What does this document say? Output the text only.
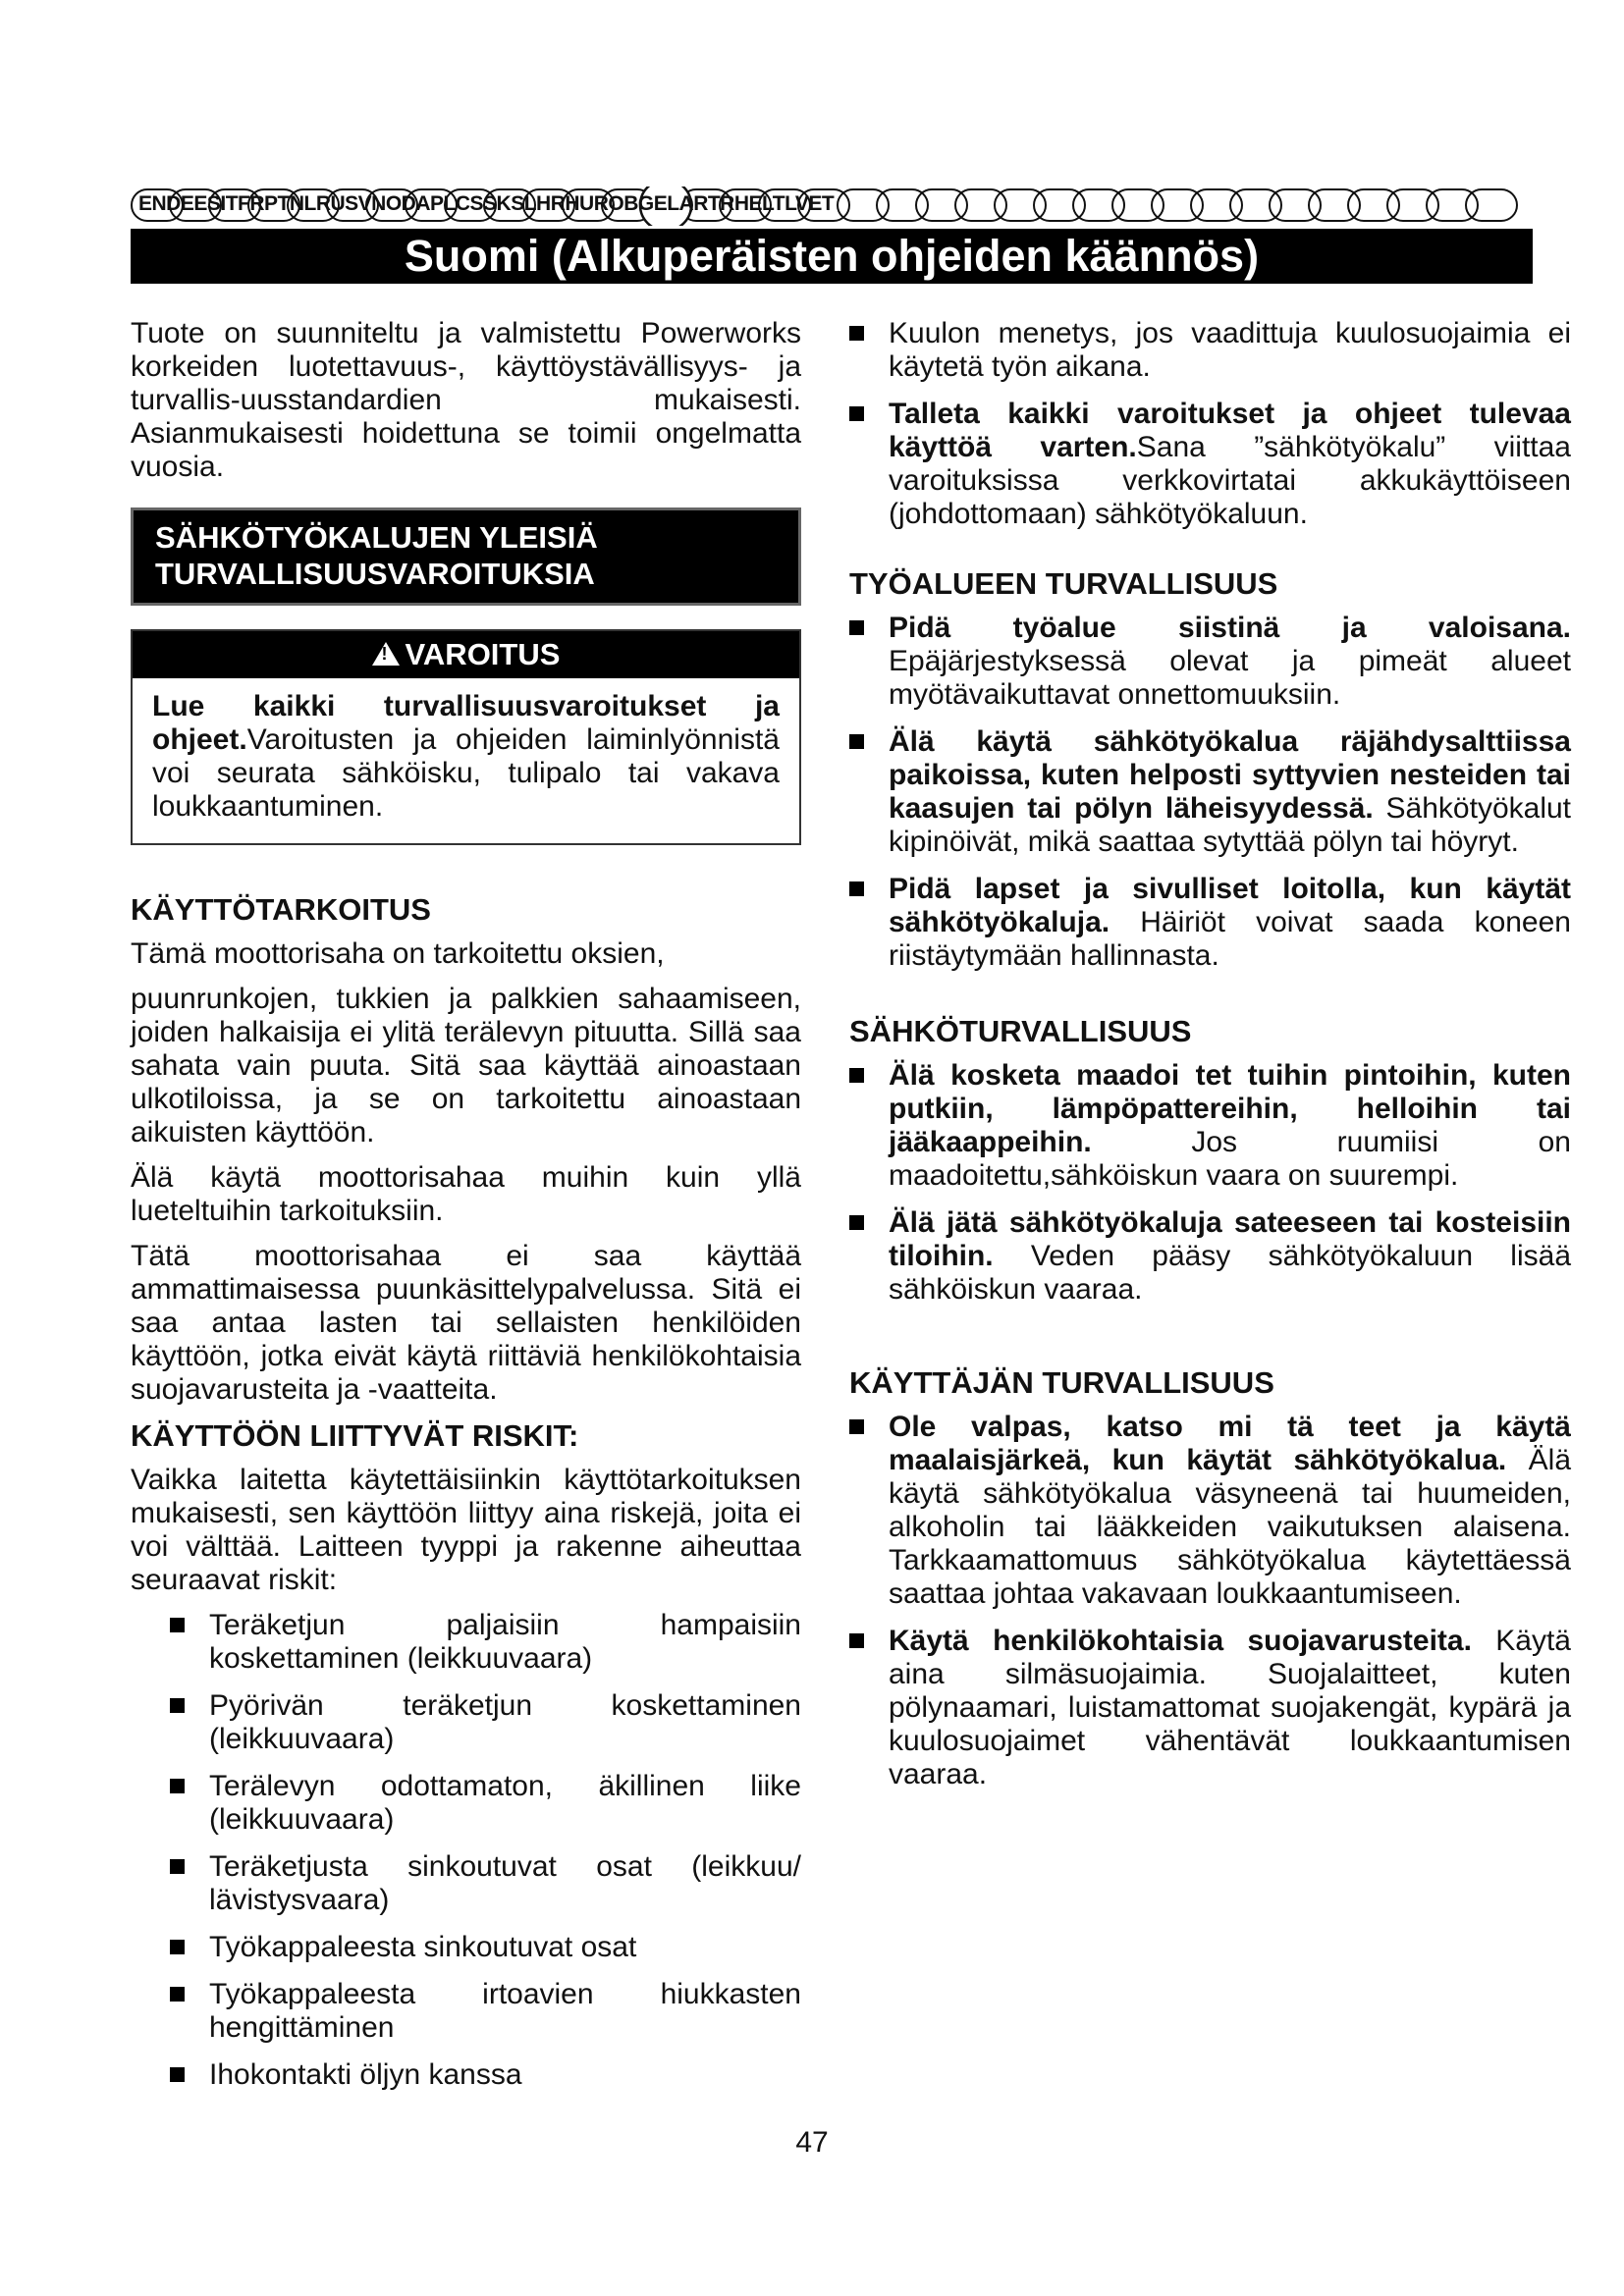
ENDEESITFRPTNLRUSVNODAPLCSSKSLHRHUROBGELARTRHELTLVET
Suomi (Alkuperäisten ohjeiden käännös)

Tuote on suunniteltu ja valmistettu Powerworks korkeiden luotettavuus-, käyttöystävällisyys- ja turvallis-uusstandardien mukaisesti. Asianmukaisesti hoidettuna se toimii ongelmatta vuosia.

SÄHKÖTYÖKALUJEN YLEISIÄ TURVALLISUUSVAROITUKSIA
!VAROITUS

Lue kaikki turvallisuusvaroitukset ja ohjeet.Varoitusten ja ohjeiden laiminlyönnistä voi seurata sähköisku, tulipalo tai vakava loukkaantuminen.

KÄYTTÖTARKOITUS

Tämä moottorisaha on tarkoitettu oksien,

puunrunkojen, tukkien ja palkkien sahaamiseen, joiden halkaisija ei ylitä terälevyn pituutta. Sillä saa sahata vain puuta. Sitä saa käyttää ainoastaan ulkotiloissa, ja se on tarkoitettu ainoastaan aikuisten käyttöön.

Älä käytä moottorisahaa muihin kuin yllä lueteltuihin tarkoituksiin.

Tätä moottorisahaa ei saa käyttää ammattimaisessa puunkäsittelypalvelussa. Sitä ei saa antaa lasten tai sellaisten henkilöiden käyttöön, jotka eivät käytä riittäviä henkilökohtaisia suojavarusteita ja -vaatteita.

KÄYTTÖÖN LIITTYVÄT RISKIT:

Vaikka laitetta käytettäisiinkin käyttötarkoituksen mukaisesti, sen käyttöön liittyy aina riskejä, joita ei voi välttää. Laitteen tyyppi ja rakenne aiheuttaa seuraavat riskit:

Teräketjun paljaisiin hampaisiin koskettaminen (leikkuuvaara)
Pyörivän teräketjun koskettaminen (leikkuuvaara)
Terälevyn odottamaton, äkillinen liike (leikkuuvaara)
Teräketjusta sinkoutuvat osat (leikkuu/ lävistysvaara)
Työkappaleesta sinkoutuvat osat
Työkappaleesta irtoavien hiukkasten hengittäminen
Ihokontakti öljyn kanssa
Kuulon menetys, jos vaadittuja kuulosuojaimia ei käytetä työn aikana.
Talleta kaikki varoitukset ja ohjeet tulevaa käyttöä varten.Sana ”sähkötyökalu” viittaa varoituksissa verkkovirtatai akkukäyttöiseen (johdottomaan) sähkötyökaluun.
TYÖALUEEN TURVALLISUUS
Pidä työalue siistinä ja valoisana. Epäjärjestyksessä olevat ja pimeät alueet myötävaikuttavat onnettomuuksiin.
Älä käytä sähkötyökalua räjähdysalttiissa paikoissa, kuten helposti syttyvien nesteiden tai kaasujen tai pölyn läheisyydessä. Sähkötyökalut kipinöivät, mikä saattaa sytyttää pölyn tai höyryt.
Pidä lapset ja sivulliset loitolla, kun käytät sähkötyökaluja. Häiriöt voivat saada koneen riistäytymään hallinnasta.
SÄHKÖTURVALLISUUS
Älä kosketa maadoi tet tuihin pintoihin, kuten putkiin, lämpöpattereihin, helloihin tai jääkaappeihin.	Jos ruumiisi on maadoitettu,sähköiskun vaara on suurempi.
Älä jätä sähkötyökaluja sateeseen tai kosteisiin tiloihin. Veden pääsy sähkötyökaluun lisää sähköiskun vaaraa.
KÄYTTÄJÄN TURVALLISUUS
Ole valpas, katso mi tä teet ja käytä maalaisjärkeä, kun käytät sähkötyökalua. Älä käytä sähkötyökalua väsyneenä tai huumeiden, alkoholin tai lääkkeiden vaikutuksen alaisena. Tarkkaamattomuus sähkötyökalua käytettäessä saattaa johtaa vakavaan loukkaantumiseen.
Käytä henkilökohtaisia suojavarusteita. Käytä aina silmäsuojaimia. Suojalaitteet, kuten pölynaamari, luistamattomat suojakengät, kypärä ja kuulosuojaimet vähentävät loukkaantumisen vaaraa.
47
